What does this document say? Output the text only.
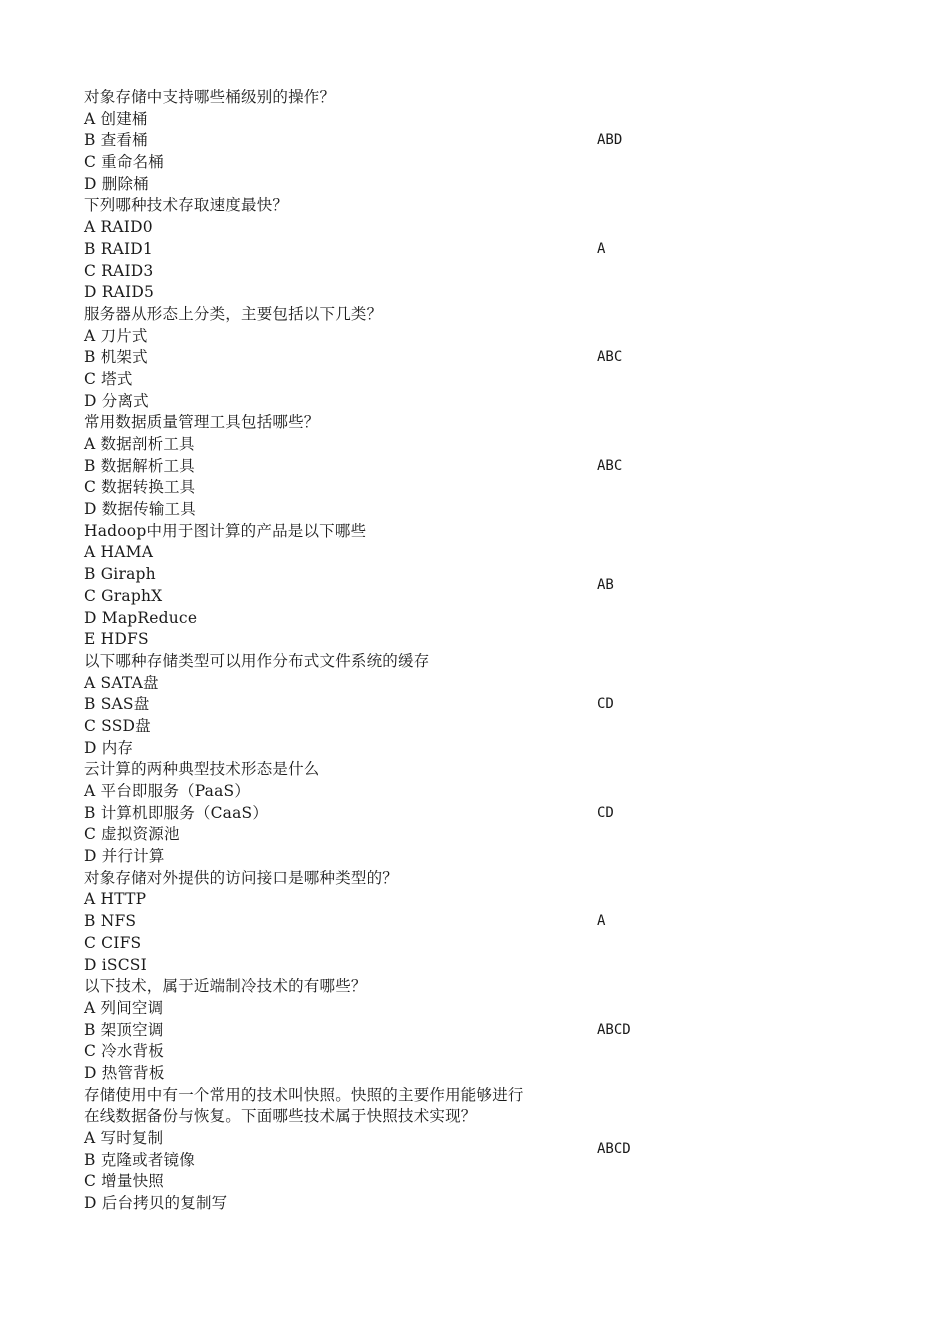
对象存储中支持哪些桶级别的操作？
A 创建桶
B 查看桶
C 重命名桶
D 删除桶
ABD
下列哪种技术存取速度最快？
A RAID0
B RAID1
C RAID3
D RAID5
A
服务器从形态上分类，主要包括以下几类？
A 刀片式
B 机架式
C 塔式
D 分离式
ABC
常用数据质量管理工具包括哪些？
A 数据剖析工具
B 数据解析工具
C 数据转换工具
D 数据传输工具
ABC
Hadoop中用于图计算的产品是以下哪些
A HAMA
B Giraph
C GraphX
D MapReduce
E HDFS
AB
以下哪种存储类型可以用作分布式文件系统的缓存
A SATA盘
B SAS盘
C SSD盘
D 内存
CD
云计算的两种典型技术形态是什么
A 平台即服务（PaaS）
B 计算机即服务（CaaS）
C 虚拟资源池
D 并行计算
CD
对象存储对外提供的访问接口是哪种类型的？
A HTTP
B NFS
C CIFS
D iSCSI
A
以下技术，属于近端制冷技术的有哪些？
A 列间空调
B 架顶空调
C 冷水背板
D 热管背板
ABCD
存储使用中有一个常用的技术叫快照。快照的主要作用能够进行
在线数据备份与恢复。下面哪些技术属于快照技术实现？
A 写时复制
B 克隆或者镜像
C 增量快照
D 后台拷贝的复制写
ABCD
